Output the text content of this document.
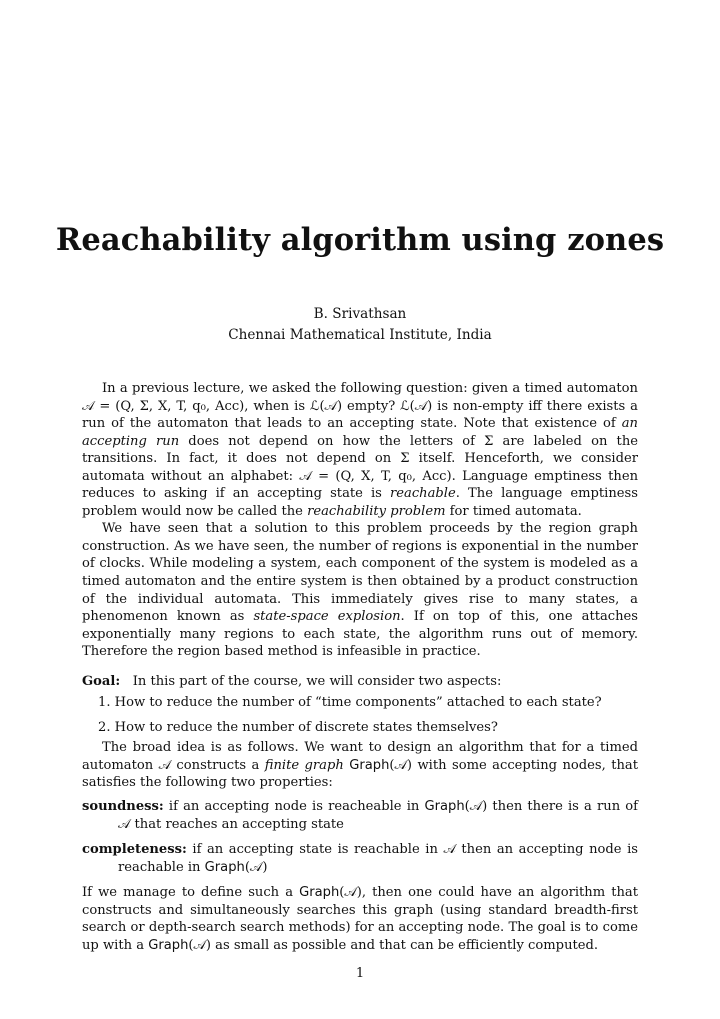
Reachability algorithm using zones
B. Srivathsan
Chennai Mathematical Institute, India

In a previous lecture, we asked the following question: given a timed automaton 𝒜 = (Q, Σ, X, T, q₀, Acc), when is ℒ(𝒜) empty? ℒ(𝒜) is non-empty iff there exists a run of the automaton that leads to an accepting state. Note that existence of an accepting run does not depend on how the letters of Σ are labeled on the transitions. In fact, it does not depend on Σ itself. Henceforth, we consider automata without an alphabet: 𝒜 = (Q, X, T, q₀, Acc). Language emptiness then reduces to asking if an accepting state is reachable. The language emptiness problem would now be called the reachability problem for timed automata.

We have seen that a solution to this problem proceeds by the region graph construction. As we have seen, the number of regions is exponential in the number of clocks. While modeling a system, each component of the system is modeled as a timed automaton and the entire system is then obtained by a product construction of the individual automata. This immediately gives rise to many states, a phenomenon known as state-space explosion. If on top of this, one attaches exponentially many regions to each state, the algorithm runs out of memory. Therefore the region based method is infeasible in practice.

Goal: In this part of the course, we will consider two aspects:

1. How to reduce the number of “time components” attached to each state?
2. How to reduce the number of discrete states themselves?

The broad idea is as follows. We want to design an algorithm that for a timed automaton 𝒜 constructs a finite graph Graph(𝒜) with some accepting nodes, that satisfies the following two properties:

soundness: if an accepting node is reacheable in Graph(𝒜) then there is a run of 𝒜 that reaches an accepting state
completeness: if an accepting state is reachable in 𝒜 then an accepting node is reachable in Graph(𝒜)

If we manage to define such a Graph(𝒜), then one could have an algorithm that constructs and simultaneously searches this graph (using standard breadth-first search or depth-search search methods) for an accepting node. The goal is to come up with a Graph(𝒜) as small as possible and that can be efficiently computed.

1
